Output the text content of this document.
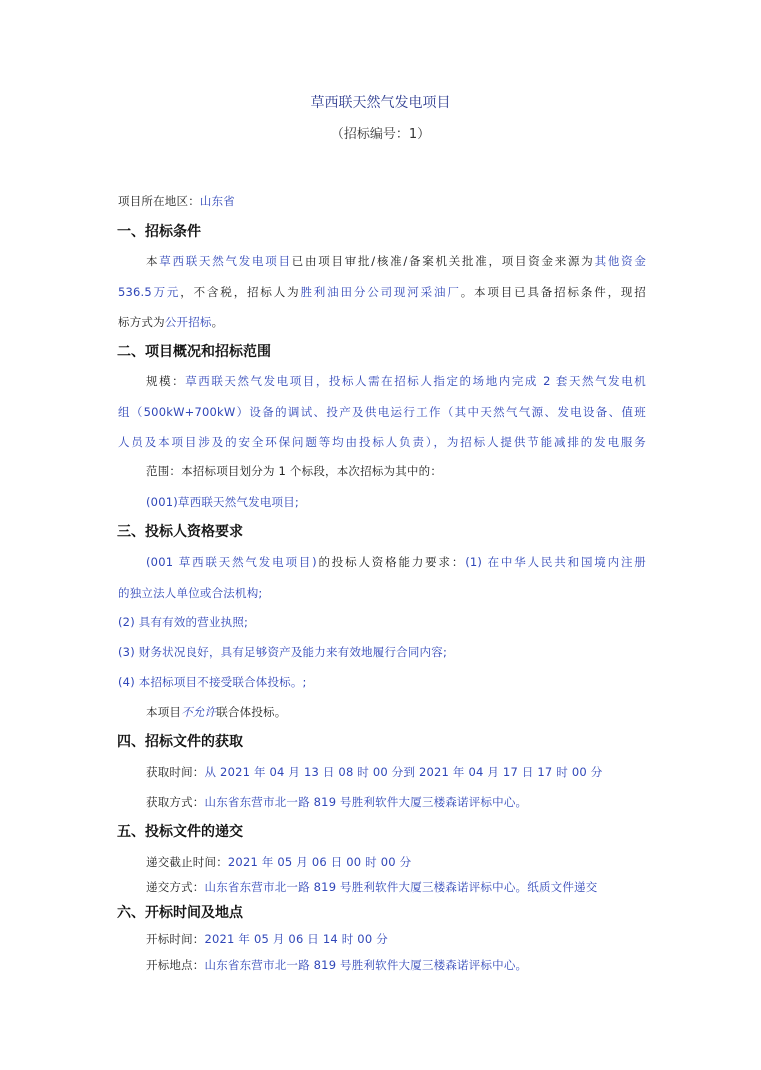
草西联天然气发电项目
（招标编号：1）
项目所在地区：山东省
一、招标条件
本草西联天然气发电项目已由项目审批/核准/备案机关批准，项目资金来源为其他资金
536.5万元，不含税，招标人为胜利油田分公司现河采油厂。本项目已具备招标条件，现招
标方式为公开招标。
二、项目概况和招标范围
规模：草西联天然气发电项目，投标人需在招标人指定的场地内完成 2 套天然气发电机
组（500kW+700kW）设备的调试、投产及供电运行工作（其中天然气气源、发电设备、值班
人员及本项目涉及的安全环保问题等均由投标人负责），为招标人提供节能减排的发电服务
范围：本招标项目划分为 1 个标段，本次招标为其中的：
(001)草西联天然气发电项目;
三、投标人资格要求
(001 草西联天然气发电项目)的投标人资格能力要求：(1) 在中华人民共和国境内注册
的独立法人单位或合法机构;
(2) 具有有效的营业执照;
(3) 财务状况良好，具有足够资产及能力来有效地履行合同内容;
(4) 本招标项目不接受联合体投标。;
本项目不允许联合体投标。
四、招标文件的获取
获取时间：从 2021 年 04 月 13 日 08 时 00 分到 2021 年 04 月 17 日 17 时 00 分
获取方式：山东省东营市北一路 819 号胜利软件大厦三楼森诺评标中心。
五、投标文件的递交
递交截止时间：2021 年 05 月 06 日 00 时 00 分
递交方式：山东省东营市北一路 819 号胜利软件大厦三楼森诺评标中心。纸质文件递交
六、开标时间及地点
开标时间：2021 年 05 月 06 日 14 时 00 分
开标地点：山东省东营市北一路 819 号胜利软件大厦三楼森诺评标中心。
